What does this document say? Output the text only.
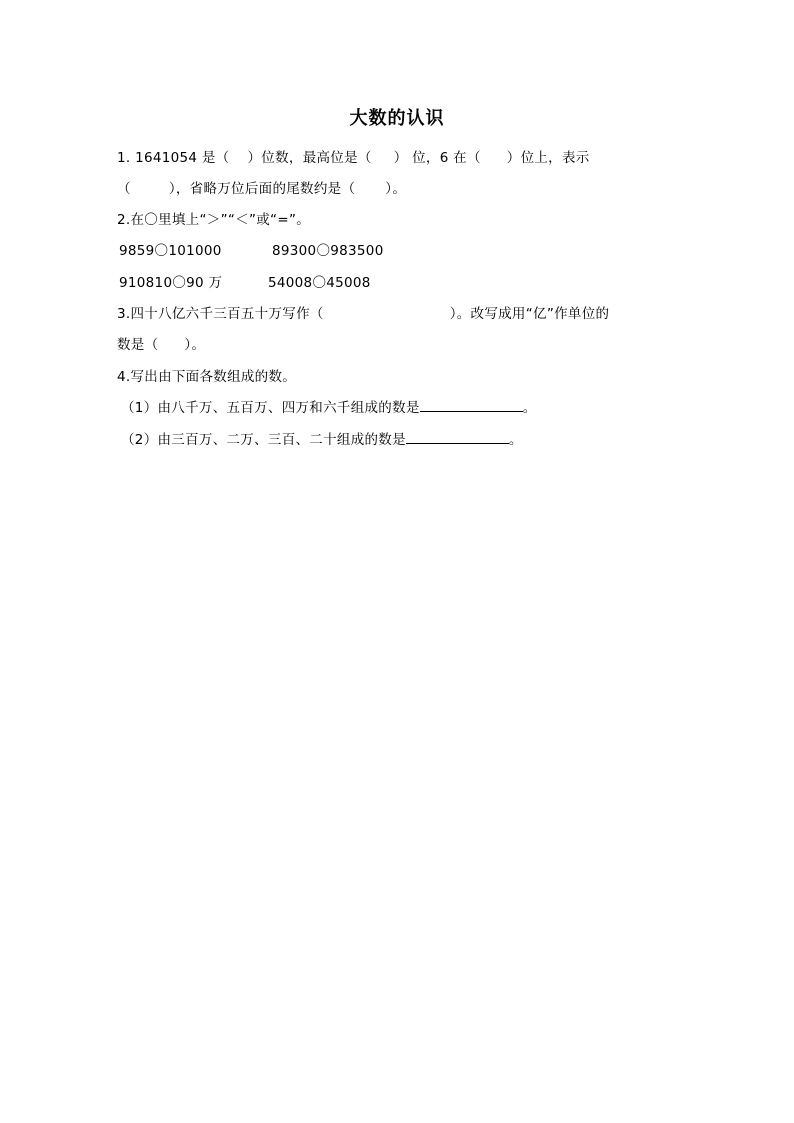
大数的认识
1. 1641054 是（ ）位数，最高位是（ ） 位，6 在（ ）位上，表示
（	），省略万位后面的尾数约是（ ）。
2.在〇里填上“＞”“＜”或“=”。
9859〇101000	89300〇983500
910810〇90 万	54008〇45008
3.四十八亿六千三百五十万写作（	）。改写成用“亿”作单位的
数是（ ）。
4.写出由下面各数组成的数。
（1）由八千万、五百万、四万和六千组成的数是	。
（2）由三百万、二万、三百、二十组成的数是	。
